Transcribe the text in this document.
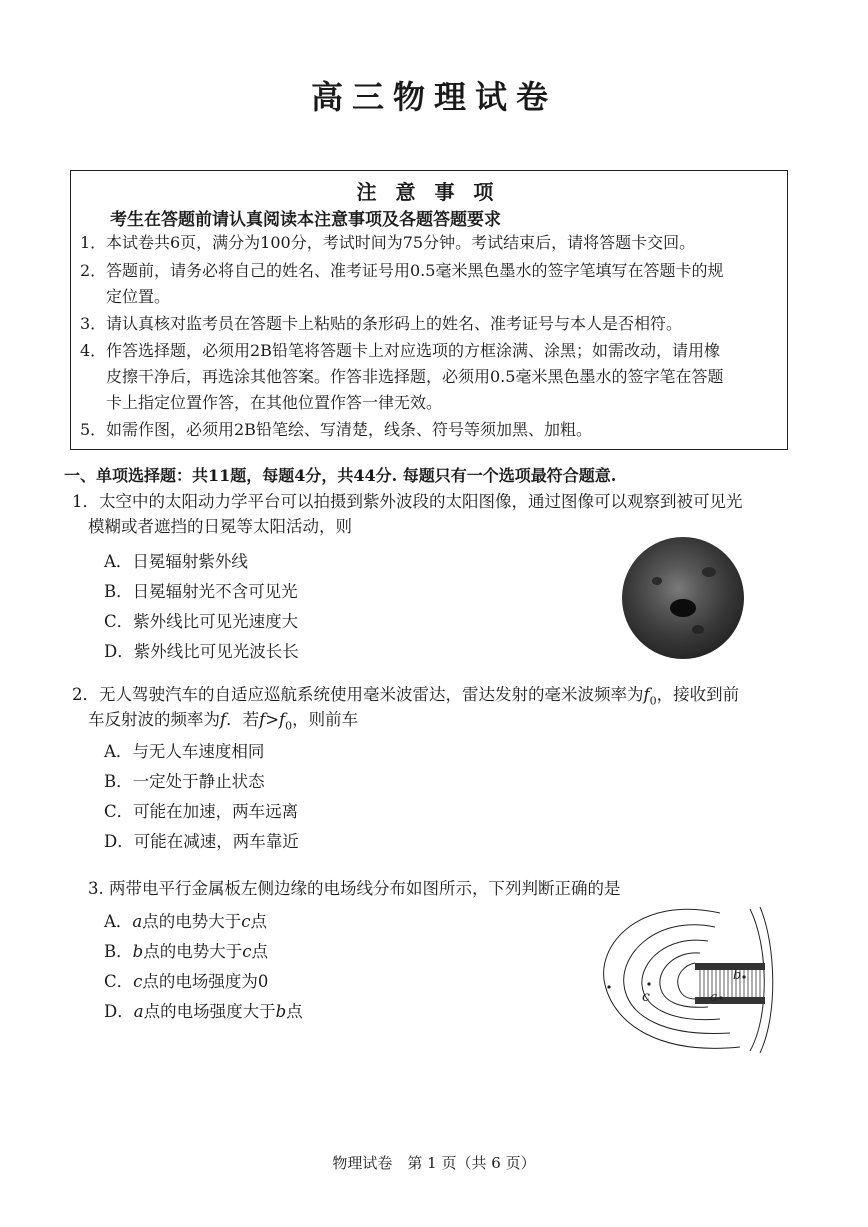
高三物理试卷
注 意 事 项
考生在答题前请认真阅读本注意事项及各题答题要求
1． 本试卷共6页，满分为100分，考试时间为75分钟。考试结束后，请将答题卡交回。
2． 答题前，请务必将自己的姓名、准考证号用0.5毫米黑色墨水的签字笔填写在答题卡的规
定位置。
3． 请认真核对监考员在答题卡上粘贴的条形码上的姓名、准考证号与本人是否相符。
4． 作答选择题，必须用2B铅笔将答题卡上对应选项的方框涂满、涂黑；如需改动，请用橡
皮擦干净后，再选涂其他答案。作答非选择题，必须用0.5毫米黑色墨水的签字笔在答题
卡上指定位置作答，在其他位置作答一律无效。
5． 如需作图，必须用2B铅笔绘、写清楚，线条、符号等须加黑、加粗。
一、单项选择题：共11题，每题4分，共44分. 每题只有一个选项最符合题意.
1．太空中的太阳动力学平台可以拍摄到紫外波段的太阳图像，通过图像可以观察到被可见光
模糊或者遮挡的日冕等太阳活动，则
A．日冕辐射紫外线
B．日冕辐射光不含可见光
C．紫外线比可见光速度大
D．紫外线比可见光波长长
2．无人驾驶汽车的自适应巡航系统使用毫米波雷达，雷达发射的毫米波频率为$f_0$，接收到前
车反射波的频率为f．若$f>f_0$，则前车
A．与无人车速度相同
B．一定处于静止状态
C．可能在加速，两车远离
D．可能在减速，两车靠近
3. 两带电平行金属板左侧边缘的电场线分布如图所示，下列判断正确的是
A．a点的电势大于c点
B．b点的电势大于c点
C．c点的电场强度为0
D．a点的电场强度大于b点
c	a
b
物理试卷　第 1 页（共 6 页）
